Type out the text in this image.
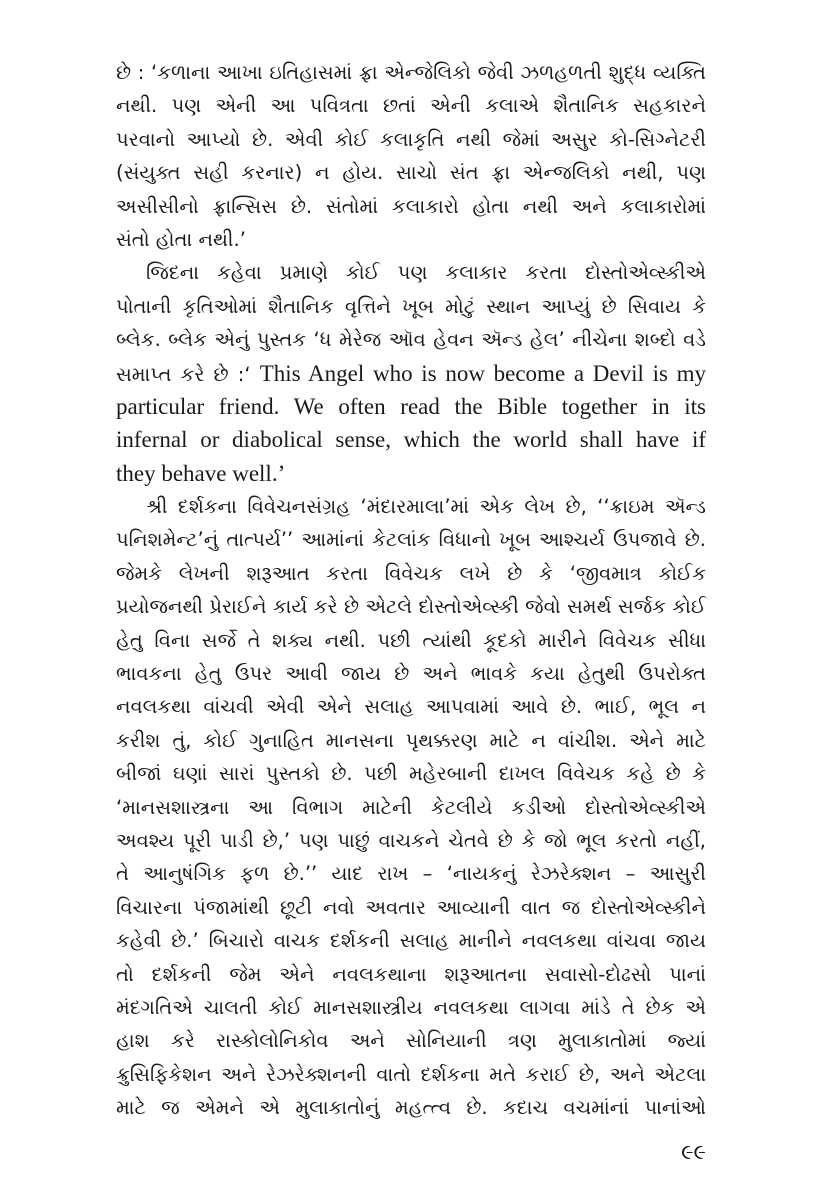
છે : ‘કળાના આખા ઇતિહાસમાં ફ્રા એન્જેલિકો જેવી ઝળહળતી શુદ્ધ વ્યક્તિ
નથી. પણ એની આ પવિત્રતા છતાં એની કલાએ શૈતાનિક સહકારને
પરવાનો આપ્યો છે. એવી કોઈ કલાકૃતિ નથી જેમાં અસુર કો-સિગ્નેટરી
(સંયુક્ત સહી કરનાર) ન હોય. સાચો સંત ફ્રા એન્જલિકો નથી, પણ
અસીસીનો ફ્રાન્સિસ છે. સંતોમાં કલાકારો હોતા નથી અને કલાકારોમાં
સંતો હોતા નથી.’
જિદના કહેવા પ્રમાણે કોઈ પણ કલાકાર કરતા દોસ્તોએવ્સ્કીએ
પોતાની કૃતિઓમાં શૈતાનિક વૃત્તિને ખૂબ મોટું સ્થાન આપ્યું છે સિવાય કે
બ્લેક. બ્લેક એનું પુસ્તક ‘ધ મેરેજ ઑવ હેવન ઍન્ડ હેલ’ નીચેના શબ્દો વડે
સમાપ્ત કરે છે :‘ This Angel who is now become a Devil is my
particular friend. We often read the Bible together in its
infernal or diabolical sense, which the world shall have if
they behave well.’
શ્રી દર્શકના વિવેચનસંગ્રહ ‘મંદારમાલા’માં એક લેખ છે, ‘‘ક્રાઇમ ઍન્ડ
પનિશમેન્ટ’નું તાત્પર્ય’’ આમાંનાં કેટલાંક વિધાનો ખૂબ આશ્ચર્ય ઉપજાવે છે.
જેમકે લેખની શરૂઆત કરતા વિવેચક લખે છે કે ‘જીવમાત્ર કોઈક
પ્રયોજનથી પ્રેરાઈને કાર્ય કરે છે એટલે દોસ્તોએવ્સ્કી જેવો સમર્થ સર્જક કોઈ
હેતુ વિના સર્જે તે શક્ય નથી. પછી ત્યાંથી કૂદકો મારીને વિવેચક સીધા
ભાવકના હેતુ ઉપર આવી જાય છે અને ભાવકે કયા હેતુથી ઉપરોક્ત
નવલકથા વાંચવી એવી એને સલાહ આપવામાં આવે છે. ભાઈ, ભૂલ ન
કરીશ તું, કોઈ ગુનાહિત માનસના પૃથક્કરણ માટે ન વાંચીશ. એને માટે
બીજાં ઘણાં સારાં પુસ્તકો છે. પછી મહેરબાની દાખલ વિવેચક કહે છે કે
‘માનસશાસ્ત્રના આ વિભાગ માટેની કેટલીયે કડીઓ દોસ્તોએવ્સ્કીએ
અવશ્ય પૂરી પાડી છે,’ પણ પાછું વાચકને ચેતવે છે કે જો ભૂલ કરતો નહીં,
તે આનુષંગિક ફળ છે.’’ યાદ રાખ – ‘નાયકનું રેઝરેક્શન – આસુરી
વિચારના પંજામાંથી છૂટી નવો અવતાર આવ્યાની વાત જ દોસ્તોએવ્સ્કીને
કહેવી છે.’ બિચારો વાચક દર્શકની સલાહ માનીને નવલકથા વાંચવા જાય
તો દર્શકની જેમ એને નવલકથાના શરૂઆતના સવાસો-દોઢસો પાનાં
મંદગતિએ ચાલતી કોઈ માનસશાસ્ત્રીય નવલકથા લાગવા માંડે તે છેક એ
હાશ કરે રાસ્કોલોનિકોવ અને સોનિયાની ત્રણ મુલાકાતોમાં જ્યાં
ક્રુસિફિકેશન અને રેઝરેક્શનની વાતો દર્શકના મતે કરાઈ છે, અને એટલા
માટે જ એમને એ મુલાકાતોનું મહત્ત્વ છે. કદાચ વચમાંનાં પાનાંઓ
૯૯
